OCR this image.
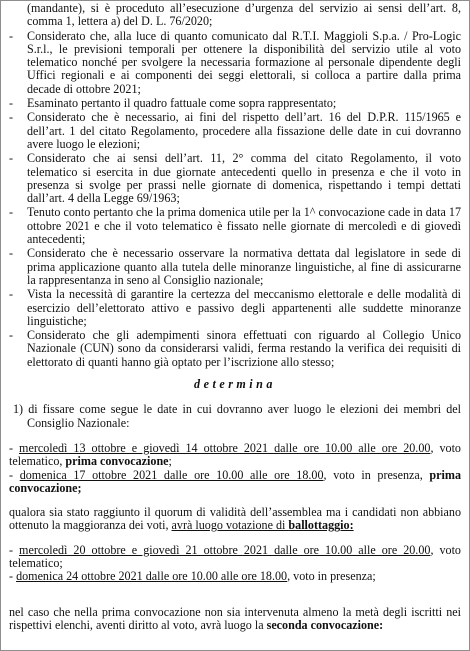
(mandante), si è proceduto all’esecuzione d’urgenza del servizio ai sensi dell’art. 8, comma 1, lettera a) del D. L. 76/2020;

- Considerato che, alla luce di quanto comunicato dal R.T.I. Maggioli S.p.a. / Pro-Logic S.r.l., le previsioni temporali per ottenere la disponibilità del servizio utile al voto telematico nonché per svolgere la necessaria formazione al personale dipendente degli Uffici regionali e ai componenti dei seggi elettorali, si colloca a partire dalla prima decade di ottobre 2021;
- Esaminato pertanto il quadro fattuale come sopra rappresentato;
- Considerato che è necessario, ai fini del rispetto dell’art. 16 del D.P.R. 115/1965 e dell’art. 1 del citato Regolamento, procedere alla fissazione delle date in cui dovranno avere luogo le elezioni;
- Considerato che ai sensi dell’art. 11, 2° comma del citato Regolamento, il voto telematico si esercita in due giornate antecedenti quello in presenza e che il voto in presenza si svolge per prassi nelle giornate di domenica, rispettando i tempi dettati dall’art. 4 della Legge 69/1963;
- Tenuto conto pertanto che la prima domenica utile per la 1^ convocazione cade in data 17 ottobre 2021 e che il voto telematico è fissato nelle giornate di mercoledì e di giovedì antecedenti;
- Considerato che è necessario osservare la normativa dettata dal legislatore in sede di prima applicazione quanto alla tutela delle minoranze linguistiche, al fine di assicurarne la rappresentanza in seno al Consiglio nazionale;
- Vista la necessità di garantire la certezza del meccanismo elettorale e delle modalità di esercizio dell’elettorato attivo e passivo degli appartenenti alle suddette minoranze linguistiche;
- Considerato che gli adempimenti sinora effettuati con riguardo al Collegio Unico Nazionale (CUN) sono da considerarsi validi, ferma restando la verifica dei requisiti di elettorato di quanti hanno già optato per l’iscrizione allo stesso;
determina

1) di fissare come segue le date in cui dovranno aver luogo le elezioni dei membri del Consiglio Nazionale:

- mercoledì 13 ottobre e giovedì 14 ottobre 2021 dalle ore 10.00 alle ore 20.00, voto telematico, prima convocazione;

- domenica 17 ottobre 2021 dalle ore 10.00 alle ore 18.00, voto in presenza, prima convocazione;

qualora sia stato raggiunto il quorum di validità dell’assemblea ma i candidati non abbiano ottenuto la maggioranza dei voti, avrà luogo votazione di ballottaggio:

- mercoledì 20 ottobre e giovedì 21 ottobre 2021 dalle ore 10.00 alle ore 20.00, voto telematico;

- domenica 24 ottobre 2021 dalle ore 10.00 alle ore 18.00, voto in presenza;

nel caso che nella prima convocazione non sia intervenuta almeno la metà degli iscritti nei rispettivi elenchi, aventi diritto al voto, avrà luogo la seconda convocazione:
